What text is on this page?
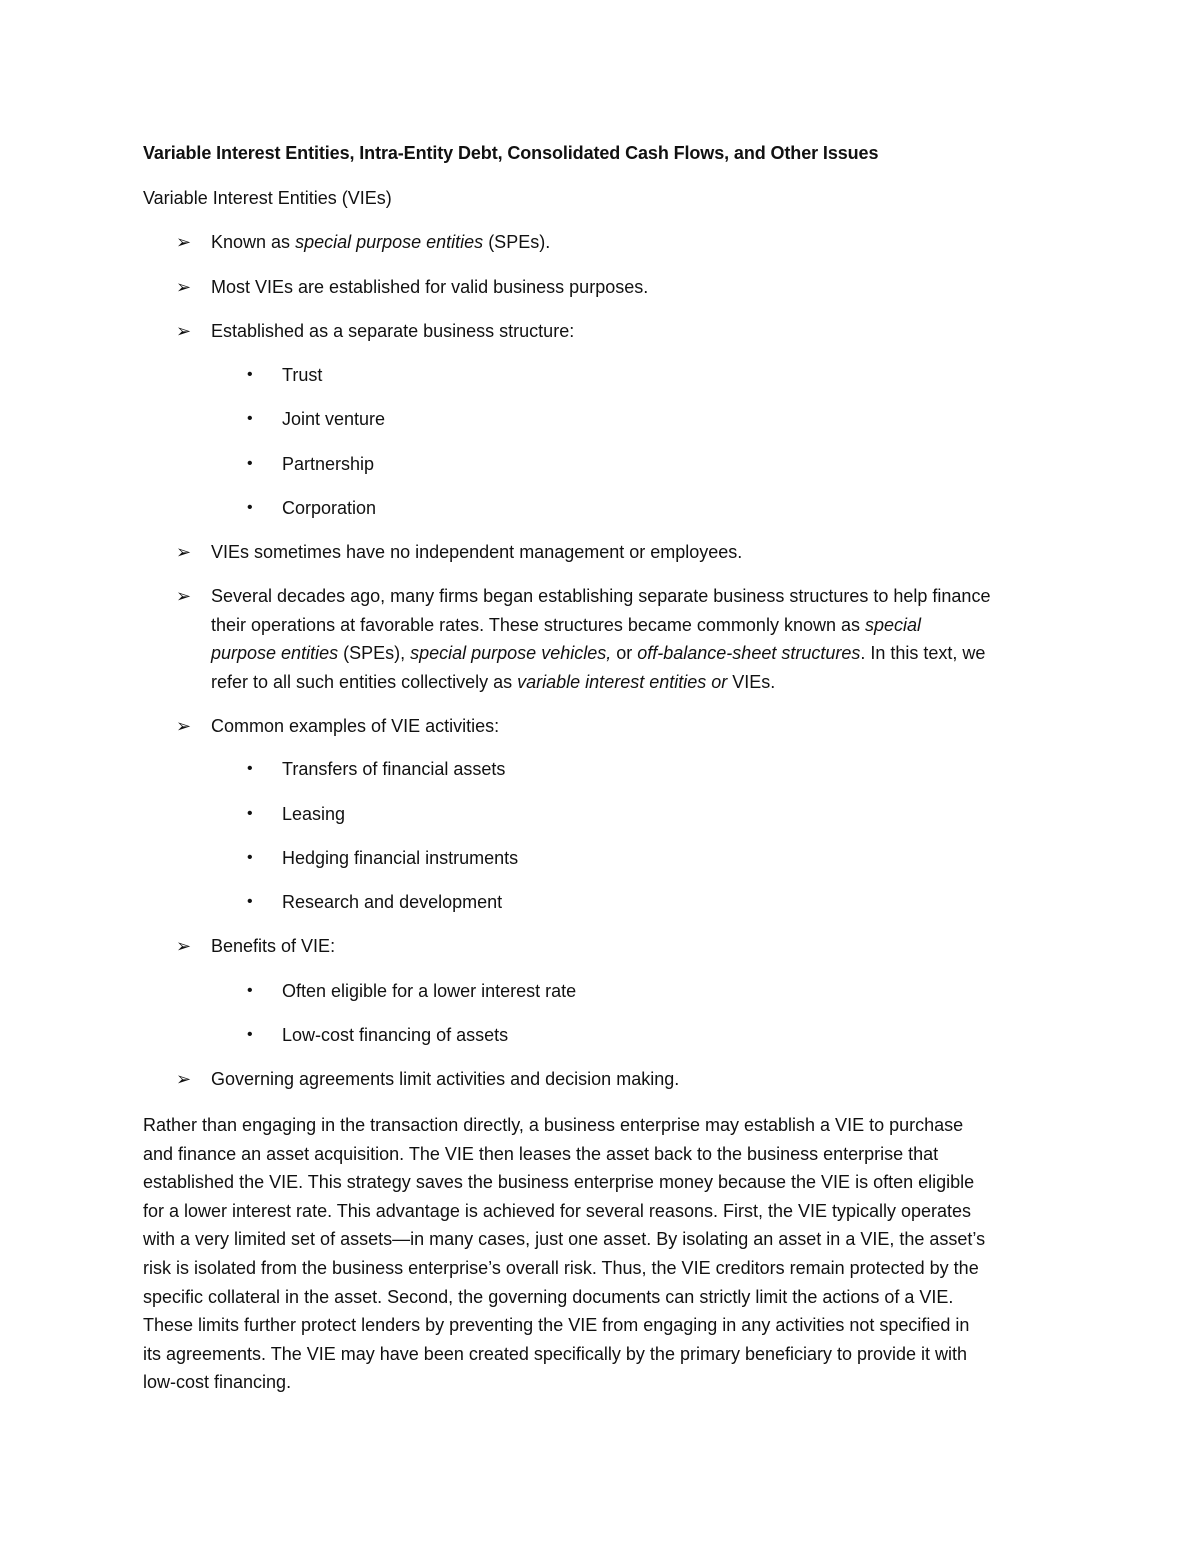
Variable Interest Entities, Intra-Entity Debt, Consolidated Cash Flows, and Other Issues
Variable Interest Entities (VIEs)
➢ Known as special purpose entities (SPEs).
➢ Most VIEs are established for valid business purposes.
➢ Established as a separate business structure:
• Trust
• Joint venture
• Partnership
• Corporation
➢ VIEs sometimes have no independent management or employees.
➢ Several decades ago, many firms began establishing separate business structures to help finance
their operations at favorable rates. These structures became commonly known as special
purpose entities (SPEs), special purpose vehicles, or off-balance-sheet structures. In this text, we
refer to all such entities collectively as variable interest entities or VIEs.
➢ Common examples of VIE activities:
• Transfers of financial assets
• Leasing
• Hedging financial instruments
• Research and development
➢ Benefits of VIE:
• Often eligible for a lower interest rate
• Low-cost financing of assets
➢ Governing agreements limit activities and decision making.
Rather than engaging in the transaction directly, a business enterprise may establish a VIE to purchase
and finance an asset acquisition. The VIE then leases the asset back to the business enterprise that
established the VIE. This strategy saves the business enterprise money because the VIE is often eligible
for a lower interest rate. This advantage is achieved for several reasons. First, the VIE typically operates
with a very limited set of assets—in many cases, just one asset. By isolating an asset in a VIE, the asset’s
risk is isolated from the business enterprise’s overall risk. Thus, the VIE creditors remain protected by the
specific collateral in the asset. Second, the governing documents can strictly limit the actions of a VIE.
These limits further protect lenders by preventing the VIE from engaging in any activities not specified in
its agreements. The VIE may have been created specifically by the primary beneficiary to provide it with
low-cost financing.
